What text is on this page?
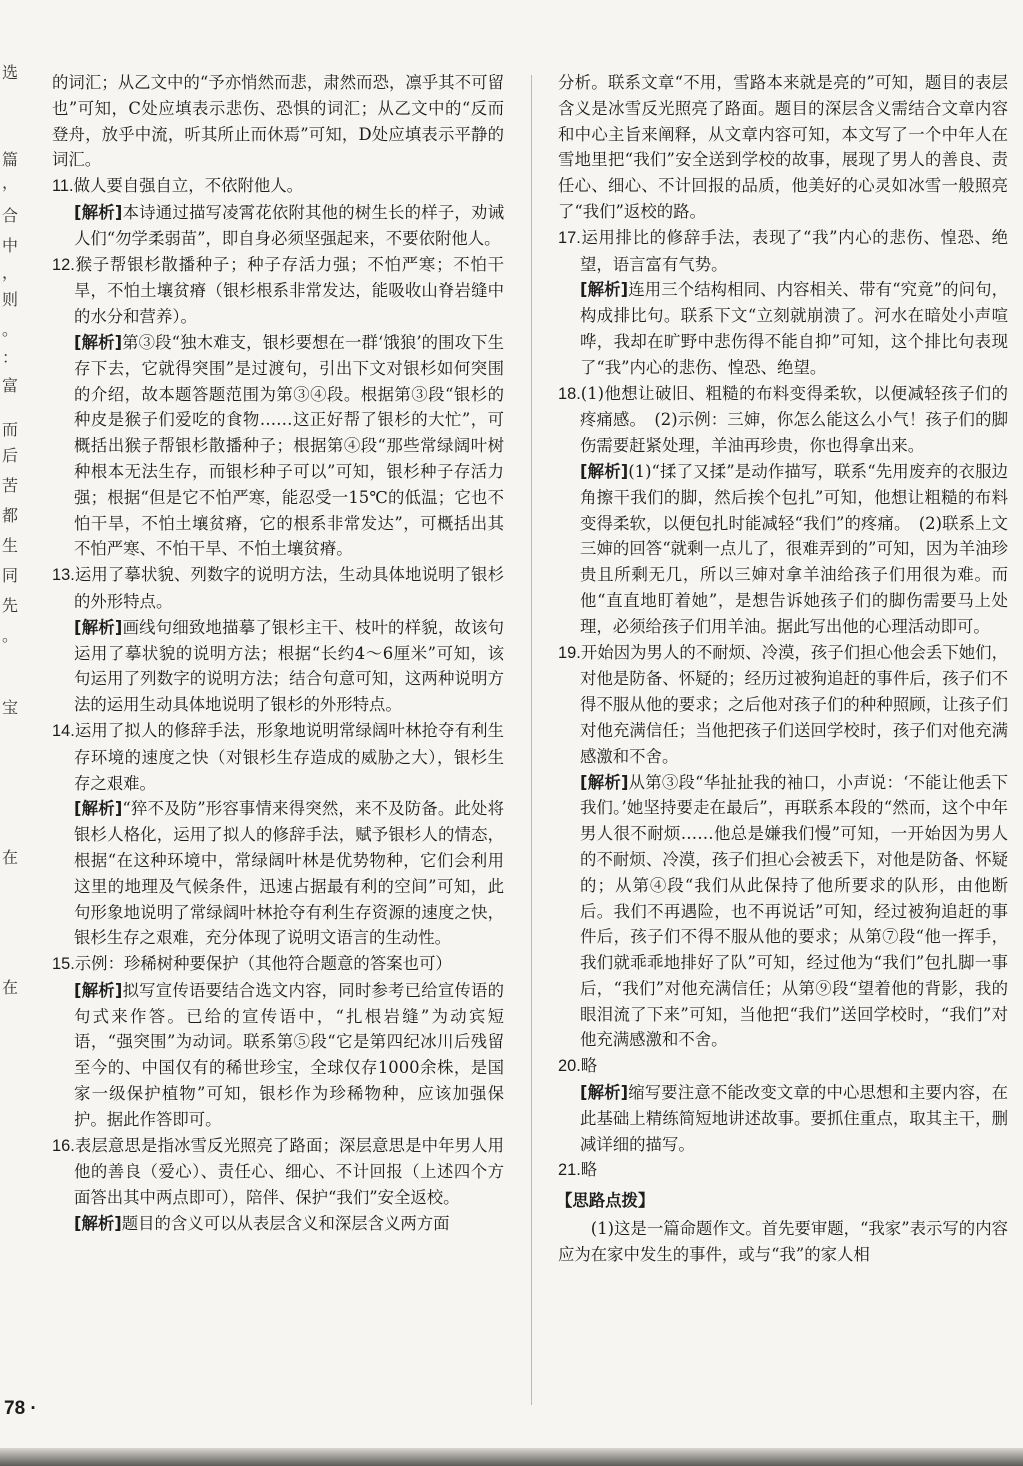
选
篇
，
合
中
，
则
。
：
富
而
后
苦
都
生
同
先
。
宝
在
在

的词汇；从乙文中的“予亦悄然而悲，肃然而恐，凛乎其不可留也”可知，C处应填表示悲伤、恐惧的词汇；从乙文中的“反而登舟，放乎中流，听其所止而休焉”可知，D处应填表示平静的词汇。

11.做人要自强自立，不依附他人。

[解析]本诗通过描写凌霄花依附其他的树生长的样子，劝诫人们“勿学柔弱苗”，即自身必须坚强起来，不要依附他人。

12.猴子帮银杉散播种子；种子存活力强；不怕严寒；不怕干旱，不怕土壤贫瘠（银杉根系非常发达，能吸收山脊岩缝中的水分和营养）。

[解析]第③段“独木难支，银杉要想在一群‘饿狼’的围攻下生存下去，它就得突围”是过渡句，引出下文对银杉如何突围的介绍，故本题答题范围为第③④段。根据第③段“银杉的种皮是猴子们爱吃的食物……这正好帮了银杉的大忙”，可概括出猴子帮银杉散播种子；根据第④段“那些常绿阔叶树种根本无法生存，而银杉种子可以”可知，银杉种子存活力强；根据“但是它不怕严寒，能忍受一15℃的低温；它也不怕干旱，不怕土壤贫瘠，它的根系非常发达”，可概括出其不怕严寒、不怕干旱、不怕土壤贫瘠。

13.运用了摹状貌、列数字的说明方法，生动具体地说明了银杉的外形特点。

[解析]画线句细致地描摹了银杉主干、枝叶的样貌，故该句运用了摹状貌的说明方法；根据“长约4～6厘米”可知，该句运用了列数字的说明方法；结合句意可知，这两种说明方法的运用生动具体地说明了银杉的外形特点。

14.运用了拟人的修辞手法，形象地说明常绿阔叶林抢夺有利生存环境的速度之快（对银杉生存造成的威胁之大），银杉生存之艰难。

[解析]“猝不及防”形容事情来得突然，来不及防备。此处将银杉人格化，运用了拟人的修辞手法，赋予银杉人的情态，根据“在这种环境中，常绿阔叶林是优势物种，它们会利用这里的地理及气候条件，迅速占据最有利的空间”可知，此句形象地说明了常绿阔叶林抢夺有利生存资源的速度之快，银杉生存之艰难，充分体现了说明文语言的生动性。

15.示例：珍稀树种要保护（其他符合题意的答案也可）

[解析]拟写宣传语要结合选文内容，同时参考已给宣传语的句式来作答。已给的宣传语中，“扎根岩缝”为动宾短语，“强突围”为动词。联系第⑤段“它是第四纪冰川后残留至今的、中国仅有的稀世珍宝，全球仅存1000余株，是国家一级保护植物”可知，银杉作为珍稀物种，应该加强保护。据此作答即可。

16.表层意思是指冰雪反光照亮了路面；深层意思是中年男人用他的善良（爱心）、责任心、细心、不计回报（上述四个方面答出其中两点即可），陪伴、保护“我们”安全返校。

[解析]题目的含义可以从表层含义和深层含义两方面

分析。联系文章“不用，雪路本来就是亮的”可知，题目的表层含义是冰雪反光照亮了路面。题目的深层含义需结合文章内容和中心主旨来阐释，从文章内容可知，本文写了一个中年人在雪地里把“我们”安全送到学校的故事，展现了男人的善良、责任心、细心、不计回报的品质，他美好的心灵如冰雪一般照亮了“我们”返校的路。

17.运用排比的修辞手法，表现了“我”内心的悲伤、惶恐、绝望，语言富有气势。

[解析]连用三个结构相同、内容相关、带有“究竟”的问句，构成排比句。联系下文“立刻就崩溃了。河水在暗处小声喧哗，我却在旷野中悲伤得不能自抑”可知，这个排比句表现了“我”内心的悲伤、惶恐、绝望。

18.(1)他想让破旧、粗糙的布料变得柔软，以便减轻孩子们的疼痛感。　(2)示例：三婶，你怎么能这么小气！孩子们的脚伤需要赶紧处理，羊油再珍贵，你也得拿出来。

[解析](1)“揉了又揉”是动作描写，联系“先用废弃的衣服边角擦干我们的脚，然后挨个包扎”可知，他想让粗糙的布料变得柔软，以便包扎时能减轻“我们”的疼痛。　(2)联系上文三婶的回答“就剩一点儿了，很难弄到的”可知，因为羊油珍贵且所剩无几，所以三婶对拿羊油给孩子们用很为难。而他“直直地盯着她”，是想告诉她孩子们的脚伤需要马上处理，必须给孩子们用羊油。据此写出他的心理活动即可。

19.开始因为男人的不耐烦、冷漠，孩子们担心他会丢下她们，对他是防备、怀疑的；经历过被狗追赶的事件后，孩子们不得不服从他的要求；之后他对孩子们的种种照顾，让孩子们对他充满信任；当他把孩子们送回学校时，孩子们对他充满感激和不舍。

[解析]从第③段“华扯扯我的袖口，小声说：‘不能让他丢下我们。’她坚持要走在最后”，再联系本段的“然而，这个中年男人很不耐烦……他总是嫌我们慢”可知，一开始因为男人的不耐烦、冷漠，孩子们担心会被丢下，对他是防备、怀疑的；从第④段“我们从此保持了他所要求的队形，由他断后。我们不再遇险，也不再说话”可知，经过被狗追赶的事件后，孩子们不得不服从他的要求；从第⑦段“他一挥手，我们就乖乖地排好了队”可知，经过他为“我们”包扎脚一事后，“我们”对他充满信任；从第⑨段“望着他的背影，我的眼泪流了下来”可知，当他把“我们”送回学校时，“我们”对他充满感激和不舍。

20.略

[解析]缩写要注意不能改变文章的中心思想和主要内容，在此基础上精练简短地讲述故事。要抓住重点，取其主干，删减详细的描写。

21.略

【思路点拨】

(1)这是一篇命题作文。首先要审题，“我家”表示写的内容应为在家中发生的事件，或与“我”的家人相

78 ·
